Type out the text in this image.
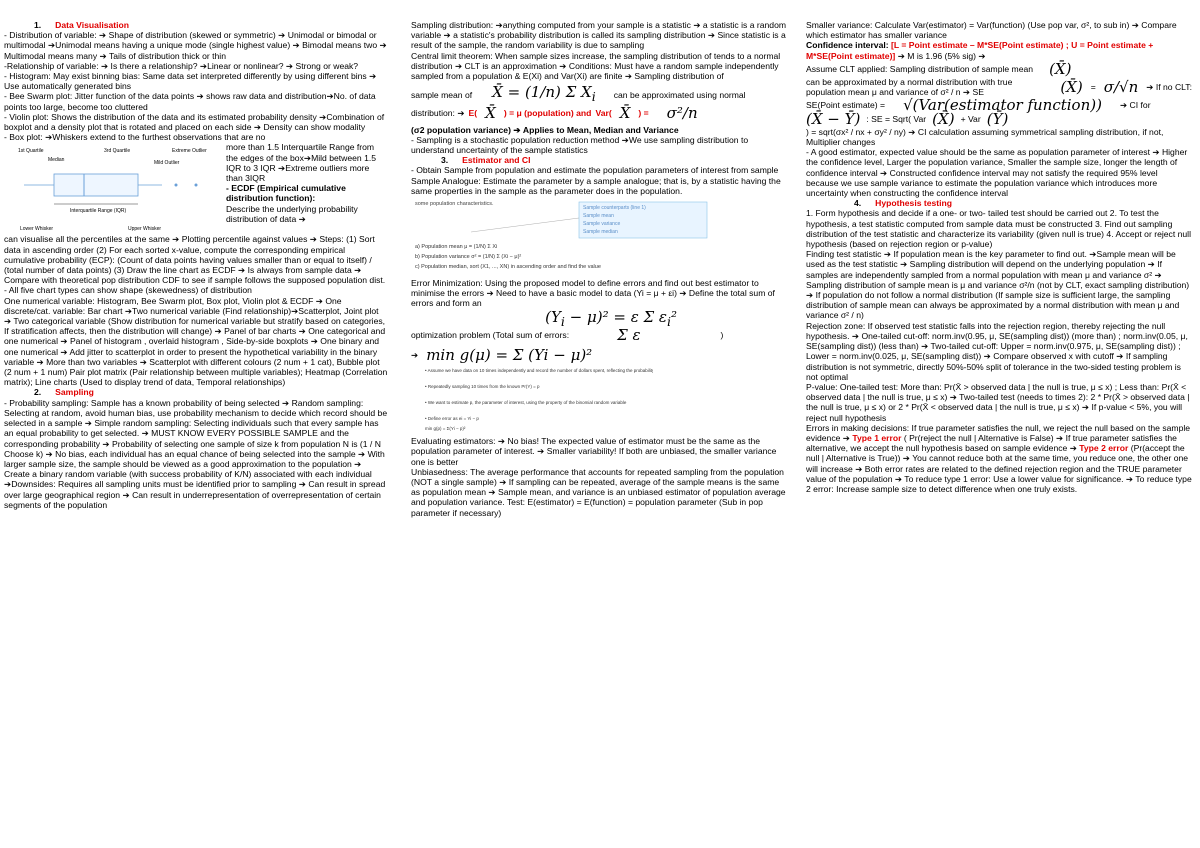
1. Data Visualisation

- Distribution of variable: ➔ Shape of distribution (skewed or symmetric) ➔ Unimodal or bimodal or multimodal ➔Unimodal means having a unique mode (single highest value) ➔ Bimodal means two ➔ Multimodal means many ➔ Tails of distribution thick or thin

-Relationship of variable: ➔ Is there a relationship? ➔Linear or nonlinear? ➔ Strong or weak?

- Histogram: May exist binning bias: Same data set interpreted differently by using different bins ➔ Use automatically generated bins

- Bee Swarm plot: Jitter function of the data points ➔ shows raw data and distribution➔No. of data points too large, become too cluttered

- Violin plot: Shows the distribution of the data and its estimated probability density ➔Combination of boxplot and a density plot that is rotated and placed on each side ➔ Density can show modality

- Box plot: ➔Whiskers extend to the furthest observations that are no

1st Quartile
Median
3rd Quartile	Extreme Outlier
Mild Outlier
Interquartile Range (IQR)
Lower Whisker	Upper Whisker

more than 1.5 Interquartile Range from the edges of the box➔Mild between 1.5 IQR to 3 IQR ➔Extreme outliers more than 3IQR

- ECDF (Empirical cumulative distribution function):

Describe the underlying probability distribution of data ➔

can visualise all the percentiles at the same ➔ Plotting percentile against values ➔ Steps: (1) Sort data in ascending order (2) For each sorted x-value, compute the corresponding empirical cumulative probability (ECP): (Count of data points having values smaller than or equal to itself) / (total number of data points) (3) Draw the line chart as ECDF ➔ Is always from sample data ➔ Compare with theoretical pop distribution CDF to see if sample follows the supposed population dist.

- All five chart types can show shape (skewedness) of distribution

One numerical variable: Histogram, Bee Swarm plot, Box plot, Violin plot & ECDF ➔ One discrete/cat. variable: Bar chart ➔Two numerical variable (Find relationship)➔Scatterplot, Joint plot ➔ Two categorical variable (Show distribution for numerical variable but stratify based on categories, If stratification affects, then the distribution will change) ➔ Panel of bar charts ➔ One categorical and one numerical ➔ Panel of histogram , overlaid histogram , Side-by-side boxplots ➔ One binary and one numerical ➔ Add jitter to scatterplot in order to present the hypothetical variability in the binary variable ➔ More than two variables ➔ Scatterplot with different colours (2 num + 1 cat), Bubble plot (2 num + 1 num) Pair plot matrix (Pair relationship between multiple variables); Heatmap (Correlation matrix); Line charts (Used to display trend of data, Temporal relationships)

2. Sampling

- Probability sampling: Sample has a known probability of being selected ➔ Random sampling: Selecting at random, avoid human bias, use probability mechanism to decide which record should be selected in a sample ➔ Simple random sampling: Selecting individuals such that every sample has an equal probability to get selected. ➔ MUST KNOW EVERY POSSIBLE SAMPLE and the corresponding probability ➔ Probability of selecting one sample of size k from population N is (1 / N Choose k) ➔ No bias, each individual has an equal chance of being selected into the sample ➔ With larger sample size, the sample should be viewed as a good approximation to the population ➔ Create a binary random variable (with success probability of K/N) associated with each individual ➔Downsides: Requires all sampling units must be identified prior to sampling ➔ Can result in spread over large geographical region ➔ Can result in underrepresentation of overrepresentation of certain segments of the population

Sampling distribution: ➔anything computed from your sample is a statistic ➔ a statistic is a random variable ➔ a statistic's probability distribution is called its sampling distribution ➔ Since statistic is a result of the sample, the random variability is due to sampling

Central limit theorem: When sample sizes increase, the sampling distribution of tends to a normal distribution ➔ CLT is an approximation ➔ Conditions: Must have a random sample independently sampled from a population & E(Xi) and Var(Xi) are finite ➔ Sampling distribution of

sample mean of X̄ = (1/n) Σ $X_i$ can be approximated using normal
distribution: ➔ E( X̄ ) = μ (population) and Var( X̄ ) = σ²/n

(σ2 population variance) ➔ Applies to Mean, Median and Variance

- Sampling is a stochastic population reduction method ➔We use sampling distribution to understand uncertainty of the sample statistics

3. Estimator and CI

- Obtain Sample from population and estimate the population parameters of interest from sample

Sample Analogue: Estimate the parameter by a sample analogue; that is, by a statistic having the same properties in the sample as the parameter does in the population.

some population characteristics.
Sample counterparts (line 1)
Sample mean
Sample variance
Sample median
a) Population mean μ = (1/N) Σ Xi
b) Population variance σ² = (1/N) Σ (Xi − μ)²
c) Population median, sort (X1, ..., XN) in ascending order and find the value

Error Minimization: Using the proposed model to define errors and find out best estimator to minimise the errors ➔ Need to have a basic model to data (Yi = μ + εi) ➔ Define the total sum of errors and form an

$(Y_i - \mu)^2 = \varepsilon$ Σ $\varepsilon_i^2$
optimization problem (Total sum of errors:	Σ ε	)
➔ min g(μ) = Σ (Yi − μ)²
• Assume we have data on 10 times independently and record the number of dollars spent, reflecting the probability of heads
• Repeatedly sampling 10 times from the known Pr(Y) = p
• We want to estimate p, the parameter of interest, using the property of the binomial random variable
• Define error as ei = Yi − p
min g(p) = Σ(Yi − p)²

Evaluating estimators: ➔ No bias! The expected value of estimator must be the same as the population parameter of interest. ➔ Smaller variability! If both are unbiased, the smaller variance one is better

Unbiasedness: The average performance that accounts for repeated sampling from the population (NOT a single sample) ➔ If sampling can be repeated, average of the sample means is the same as population mean ➔ Sample mean, and variance is an unbiased estimator of population average and population variance. Test: E(estimator) = E(function) = population parameter (Sub in pop parameter if necessary)

Smaller variance: Calculate Var(estimator) = Var(function) (Use pop var, σ², to sub in) ➔ Compare which estimator has smaller variance

Confidence interval: [L = Point estimate – M*SE(Point estimate) ; U = Point estimate + M*SE(Point estimate)] ➔ M is 1.96 (5% sig) ➔

Assume CLT applied: Sampling distribution of sample mean (X̄)
can be approximated by a normal distribution with true population mean μ and variance of σ² / n ➔ SE	(X̄) = σ/√n ➔ If no CLT:
SE(Point estimate) = √(Var(estimator function)) ➔ CI for
(X̄ − Ȳ) : SE = Sqrt( Var (X̄) + Var (Ȳ)

) = sqrt(σx² / nx + σy² / ny) ➔ CI calculation assuming symmetrical sampling distribution, if not, Multiplier changes

- A good estimator, expected value should be the same as population parameter of interest ➔ Higher the confidence level, Larger the population variance, Smaller the sample size, longer the length of confidence interval ➔ Constructed confidence interval may not satisfy the required 95% level because we use sample variance to estimate the population variance which introduces more uncertainty when constructing the confidence interval

4. Hypothesis testing

1. Form hypothesis and decide if a one- or two- tailed test should be carried out 2. To test the hypothesis, a test statistic computed from sample data must be constructed 3. Find out sampling distribution of the test statistic and characterize its variability (given null is true) 4. Accept or reject null hypothesis (based on rejection region or p-value)

Finding test statistic ➔ If population mean is the key parameter to find out. ➔Sample mean will be used as the test statistic ➔ Sampling distribution will depend on the underlying population ➔ If samples are independently sampled from a normal population with mean μ and variance σ² ➔ Sampling distribution of sample mean is μ and variance σ²/n (not by CLT, exact sampling distribution) ➔ If population do not follow a normal distribution (If sample size is sufficient large, the sampling distribution of sample mean can always be approximated by a normal distribution with mean μ and variance σ² / n)

Rejection zone: If observed test statistic falls into the rejection region, thereby rejecting the null hypothesis. ➔ One-tailed cut-off: norm.inv(0.95, μ, SE(sampling dist)) (more than) ; norm.inv(0.05, μ, SE(sampling dist)) (less than) ➔ Two-tailed cut-off: Upper = norm.inv(0.975, μ, SE(sampling dist)) ; Lower = norm.inv(0.025, μ, SE(sampling dist)) ➔ Compare observed x with cutoff ➔ If sampling distribution is not symmetric, directly 50%-50% split of tolerance in the two-sided testing problem is not optimal

P-value: One-tailed test: More than: Pr(X̄ > observed data | the null is true, μ ≤ x) ; Less than: Pr(X̄ < observed data | the null is true, μ ≤ x) ➔ Two-tailed test (needs to times 2): 2 * Pr(X̄ > observed data | the null is true, μ ≤ x) or 2 * Pr(X̄ < observed data | the null is true, μ ≤ x) ➔ If p-value < 5%, you will reject null hypothesis

Errors in making decisions: If true parameter satisfies the null, we reject the null based on the sample evidence ➔ Type 1 error ( Pr(reject the null | Alternative is False) ➔ If true parameter satisfies the alternative, we accept the null hypothesis based on sample evidence ➔ Type 2 error (Pr(accept the null | Alternative is True)) ➔ You cannot reduce both at the same time, you reduce one, the other one will increase ➔ Both error rates are related to the defined rejection region and the TRUE parameter value of the population ➔ To reduce type 1 error: Use a lower value for significance. ➔ To reduce type 2 error: Increase sample size to detect difference when one truly exists.
